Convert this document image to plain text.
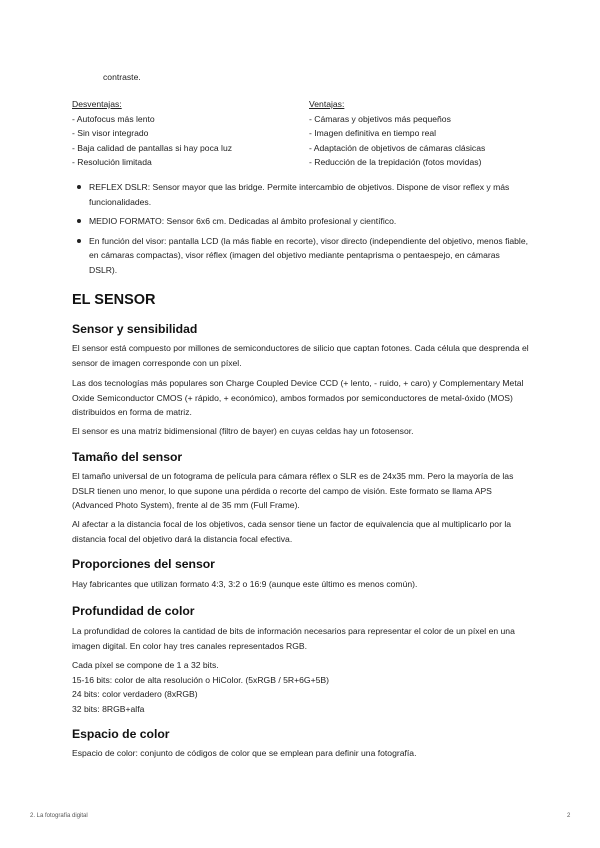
contraste.

Desventajas:

- Autofocus más lento
- Sin visor integrado
- Baja calidad de pantallas si hay poca luz
- Resolución limitada

Ventajas:

- Cámaras y objetivos más pequeños
- Imagen definitiva en tiempo real
- Adaptación de objetivos de cámaras clásicas
- Reducción de la trepidación (fotos movidas)
REFLEX DSLR: Sensor mayor que las bridge. Permite intercambio de objetivos. Dispone de visor reflex y más funcionalidades.
MEDIO FORMATO: Sensor 6x6 cm. Dedicadas al ámbito profesional y científico.
En función del visor: pantalla LCD (la más fiable en recorte), visor directo (independiente del objetivo, menos fiable, en cámaras compactas), visor réflex (imagen del objetivo mediante pentaprisma o pentaespejo, en cámaras DSLR).
EL SENSOR
Sensor y sensibilidad

El sensor está compuesto por millones de semiconductores de silicio que captan fotones. Cada célula que desprenda el sensor de imagen corresponde con un píxel.

Las dos tecnologías más populares son Charge Coupled Device CCD (+ lento, - ruido, + caro) y Complementary Metal Oxide Semiconductor CMOS (+ rápido, + económico), ambos formados por semiconductores de metal-óxido (MOS) distribuidos en forma de matriz.

El sensor es una matriz bidimensional (filtro de bayer) en cuyas celdas hay un fotosensor.

Tamaño del sensor

El tamaño universal de un fotograma de película para cámara réflex o SLR es de 24x35 mm. Pero la mayoría de las DSLR tienen uno menor, lo que supone una pérdida o recorte del campo de visión. Este formato se llama APS (Advanced Photo System), frente al de 35 mm (Full Frame).

Al afectar a la distancia focal de los objetivos, cada sensor tiene un factor de equivalencia que al multiplicarlo por la distancia focal del objetivo dará la distancia focal efectiva.

Proporciones del sensor

Hay fabricantes que utilizan formato 4:3, 3:2 o 16:9 (aunque este último es menos común).

Profundidad de color

La profundidad de colores la cantidad de bits de información necesarios para representar el color de un píxel en una imagen digital. En color hay tres canales representados RGB.

Cada píxel se compone de 1 a 32 bits.
15-16 bits: color de alta resolución o HiColor. (5xRGB / 5R+6G+5B)
24 bits: color verdadero (8xRGB)
32 bits: 8RGB+alfa
Espacio de color

Espacio de color: conjunto de códigos de color que se emplean para definir una fotografía.

2. La fotografía digital	2
